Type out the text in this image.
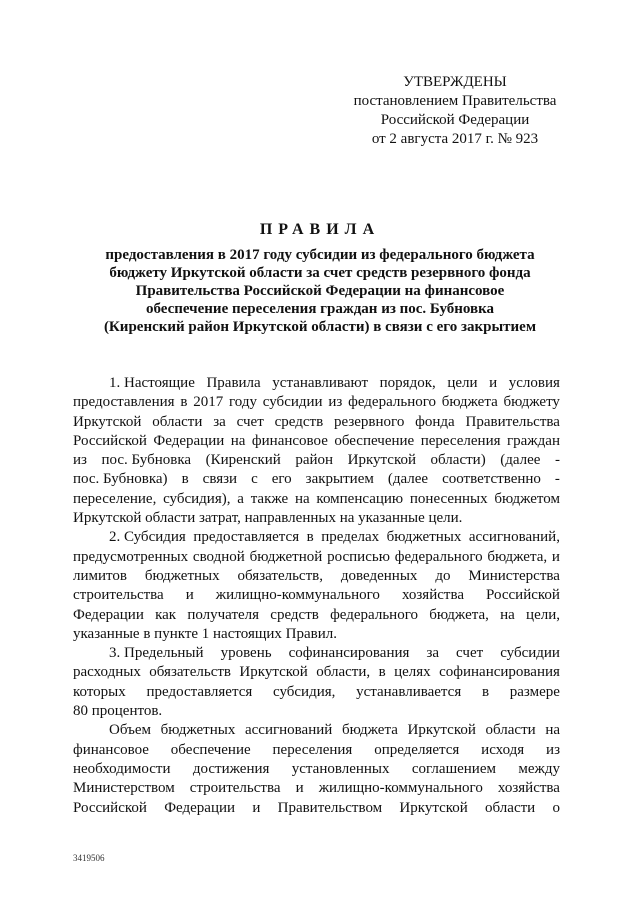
УТВЕРЖДЕНЫ
постановлением Правительства
Российской Федерации
от 2 августа 2017 г. № 923
ПРАВИЛА
предоставления в 2017 году субсидии из федерального бюджета
бюджету Иркутской области за счет средств резервного фонда
Правительства Российской Федерации на финансовое
обеспечение переселения граждан из пос. Бубновка
(Киренский район Иркутской области) в связи с его закрытием
1. Настоящие Правила устанавливают порядок, цели и условия
предоставления в 2017 году субсидии из федерального бюджета бюджету
Иркутской области за счет средств резервного фонда Правительства
Российской Федерации на финансовое обеспечение переселения граждан
из пос. Бубновка (Киренский район Иркутской области) (далее -
пос. Бубновка) в связи с его закрытием (далее соответственно -
переселение, субсидия), а также на компенсацию понесенных бюджетом
Иркутской области затрат, направленных на указанные цели.
2. Субсидия предоставляется в пределах бюджетных ассигнований,
предусмотренных сводной бюджетной росписью федерального бюджета, и
лимитов бюджетных обязательств, доведенных до Министерства
строительства и жилищно-коммунального хозяйства Российской
Федерации как получателя средств федерального бюджета, на цели,
указанные в пункте 1 настоящих Правил.
3. Предельный уровень софинансирования за счет субсидии
расходных обязательств Иркутской области, в целях софинансирования
которых предоставляется субсидия, устанавливается в размере
80 процентов.
Объем бюджетных ассигнований бюджета Иркутской области на
финансовое обеспечение переселения определяется исходя из
необходимости достижения установленных соглашением между
Министерством строительства и жилищно-коммунального хозяйства
Российской Федерации и Правительством Иркутской области о
3419506
